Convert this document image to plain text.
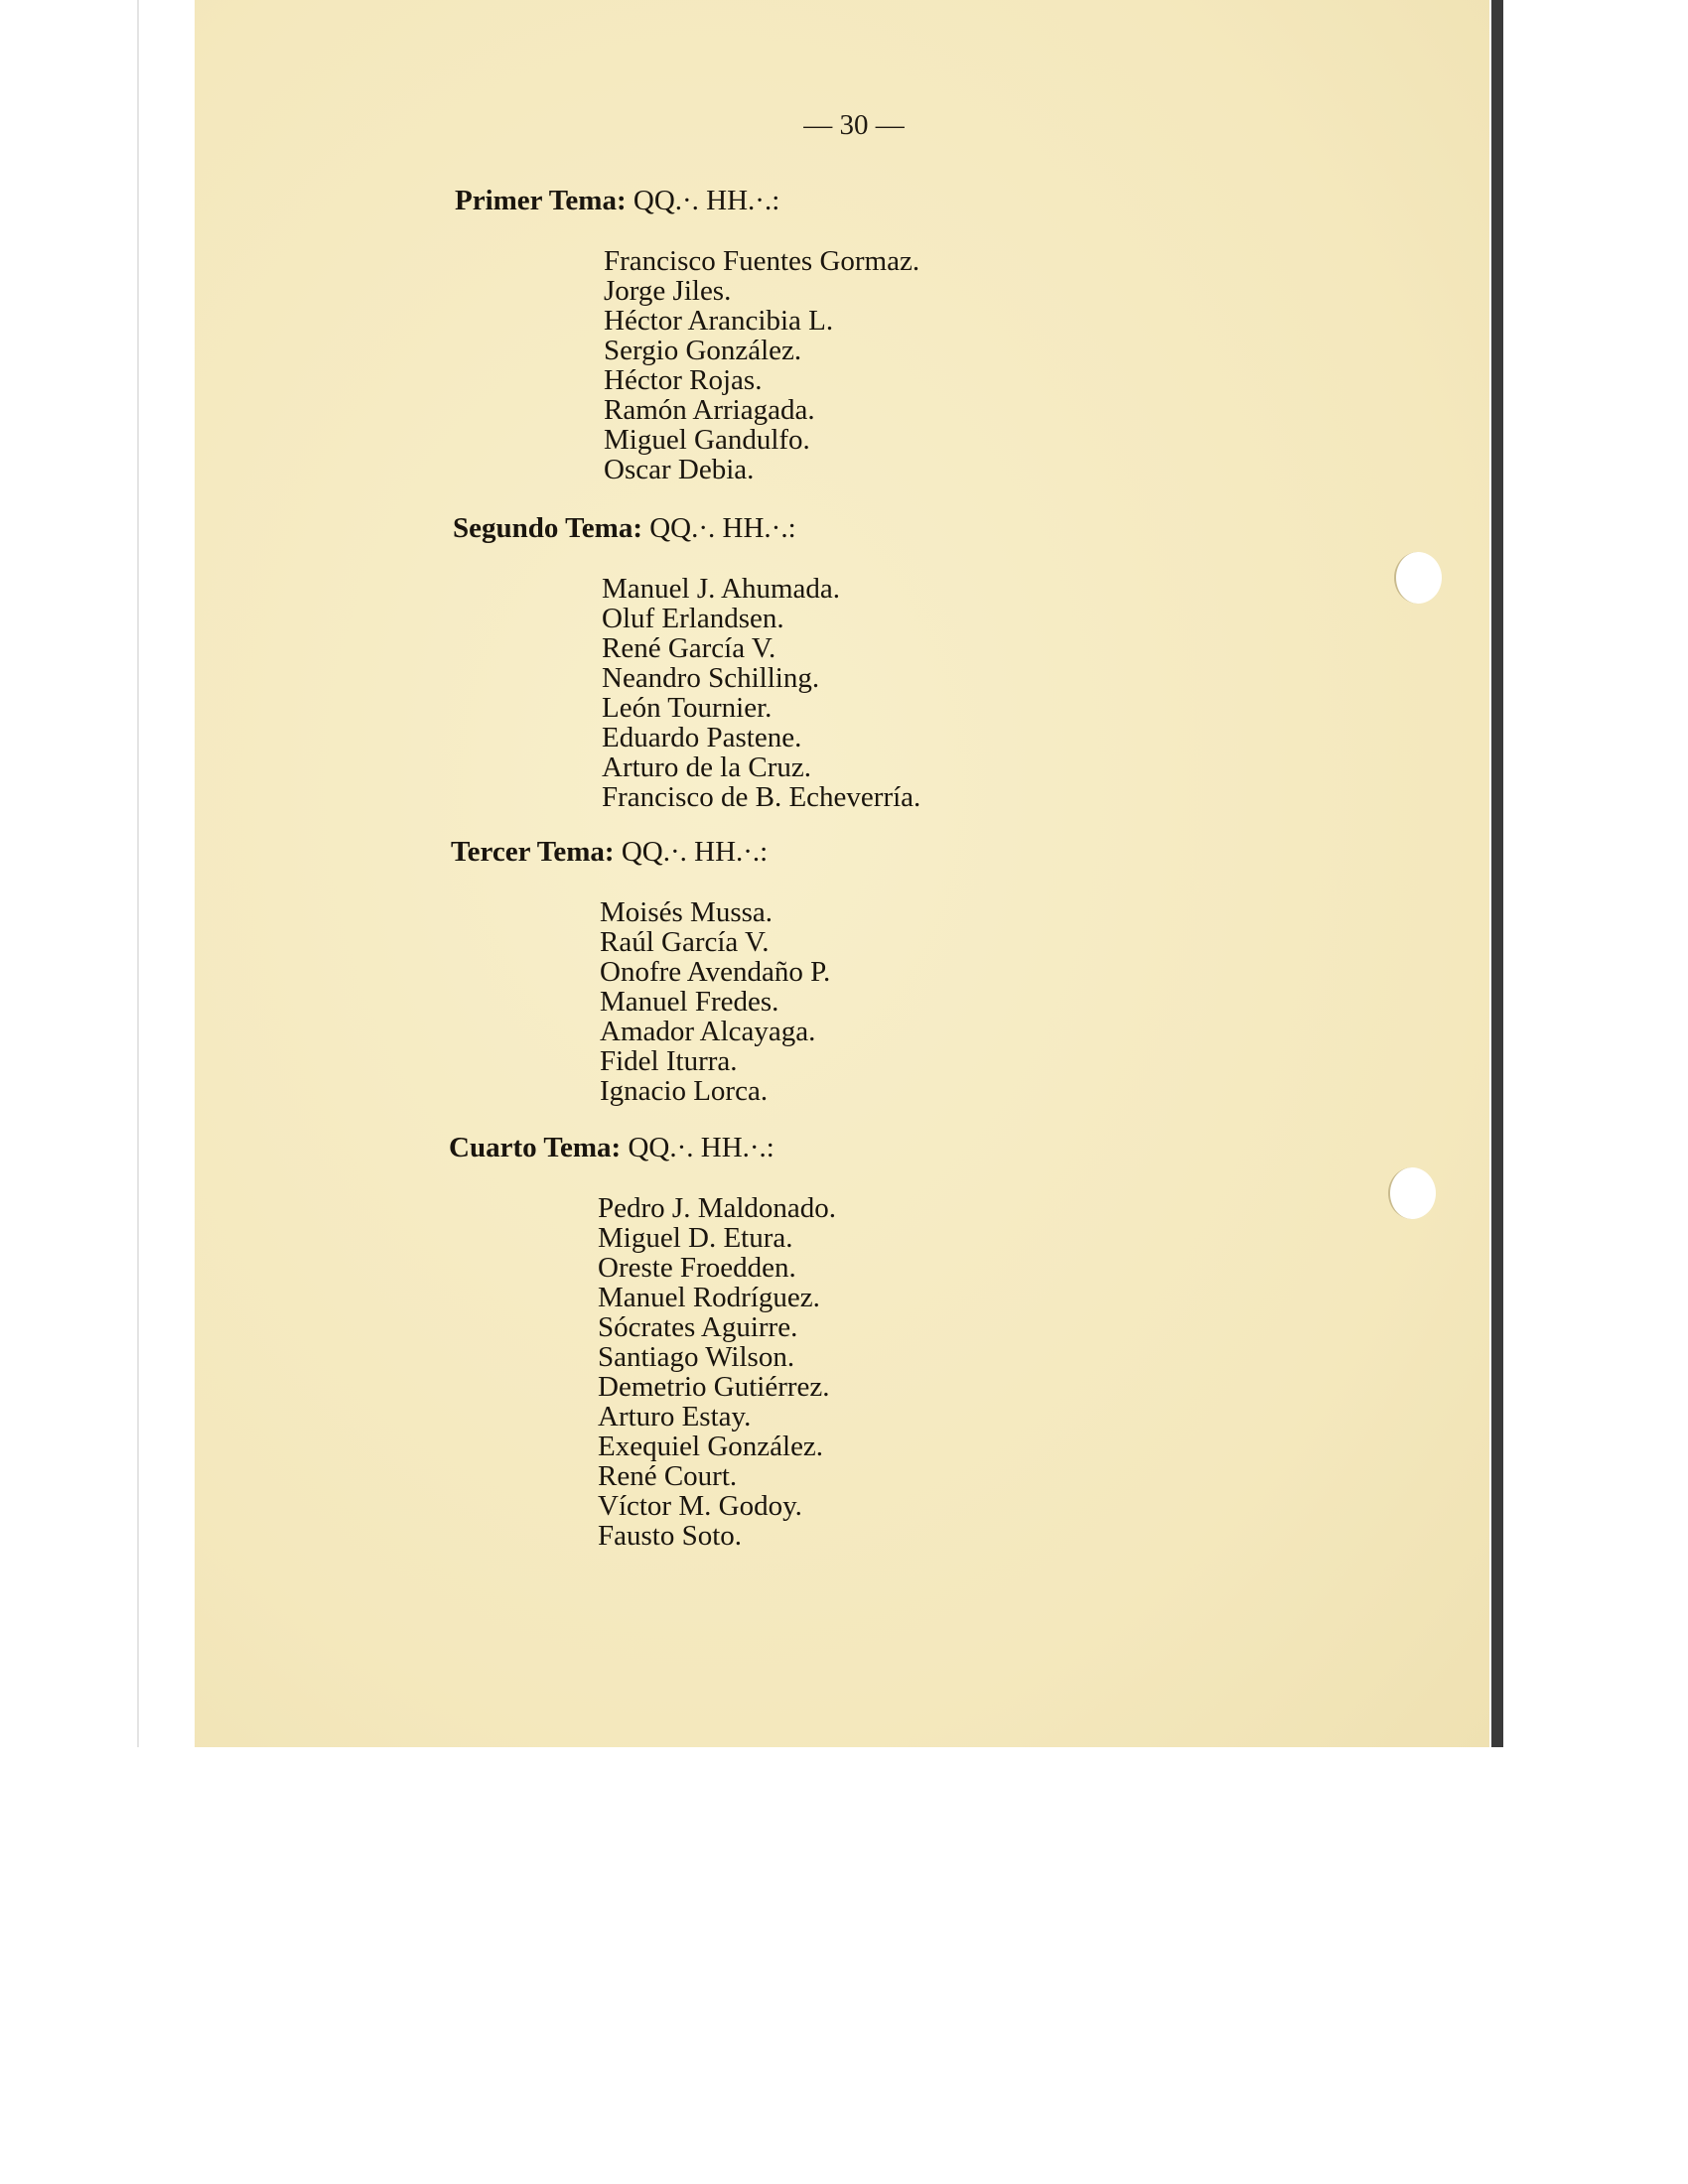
— 30 —
Primer Tema: QQ.·. HH.·.:
Francisco Fuentes Gormaz.
Jorge Jiles.
Héctor Arancibia L.
Sergio González.
Héctor Rojas.
Ramón Arriagada.
Miguel Gandulfo.
Oscar Debia.
Segundo Tema: QQ.·. HH.·.:
Manuel J. Ahumada.
Oluf Erlandsen.
René García V.
Neandro Schilling.
León Tournier.
Eduardo Pastene.
Arturo de la Cruz.
Francisco de B. Echeverría.
Tercer Tema: QQ.·. HH.·.:
Moisés Mussa.
Raúl García V.
Onofre Avendaño P.
Manuel Fredes.
Amador Alcayaga.
Fidel Iturra.
Ignacio Lorca.
Cuarto Tema: QQ.·. HH.·.:
Pedro J. Maldonado.
Miguel D. Etura.
Oreste Froedden.
Manuel Rodríguez.
Sócrates Aguirre.
Santiago Wilson.
Demetrio Gutiérrez.
Arturo Estay.
Exequiel González.
René Court.
Víctor M. Godoy.
Fausto Soto.
